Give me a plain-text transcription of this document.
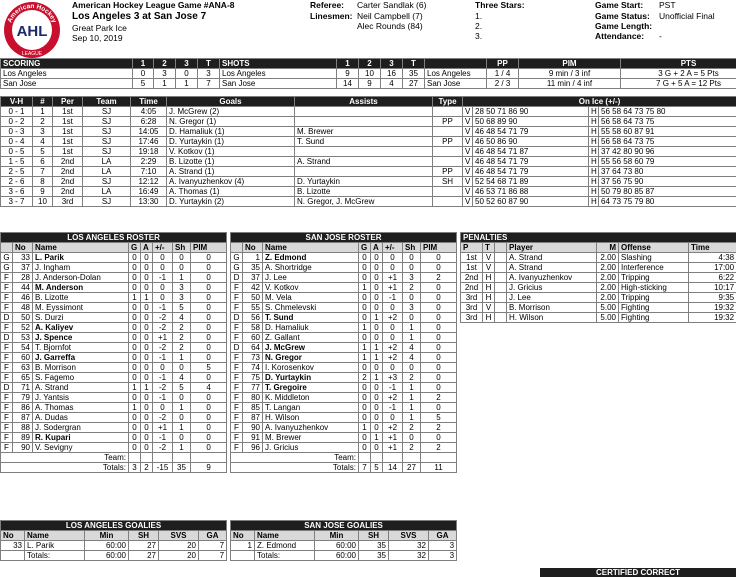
American Hockey
AHL
LEAGUE
American Hockey League Game #ANA-8
Los Angeles 3 at San Jose 7
Great Park Ice
Sep 10, 2019
Referee: Carter Sandlak (6)
Linesmen: Neil Campbell (7)
Alec Rounds (84)
Three Stars:
1.
2.
3.
Game Start: PST
Game Status: Unofficial Final
Game Length:
Attendance: -
SCORING	1	2	3	T	SHOTS	1	2	3	T		PP	PIM	PTS
Los Angeles	0	3	0	3	Los Angeles	9	10	16	35	Los Angeles	1 / 4	9 min / 3 inf	3 G + 2 A = 5 Pts
San Jose	5	1	1	7	San Jose	14	9	4	27	San Jose	2 / 3	11 min / 4 inf	7 G + 5 A = 12 Pts
V-H	#	Per	Team	Time	Goals	Assists	Type	On Ice (+/-)			
0 - 1	1	1st	SJ	4:05	J. McGrew (2)			V	28 50 71 86 90	H	56 58 64 73 75 80
0 - 2	2	1st	SJ	6:28	N. Gregor (1)		PP	V	50 68 89 90	H	56 58 64 73 75
0 - 3	3	1st	SJ	14:05	D. Hamaliuk (1)	M. Brewer		V	46 48 54 71 79	H	55 58 60 87 91
0 - 4	4	1st	SJ	17:46	D. Yurtaykin (1)	T. Sund	PP	V	46 50 86 90	H	56 58 64 73 75
0 - 5	5	1st	SJ	19:18	V. Kotkov (1)			V	46 48 54 71 87	H	37 42 80 90 96
1 - 5	6	2nd	LA	2:29	B. Lizotte (1)	A. Strand		V	46 48 54 71 79	H	55 56 58 60 79
2 - 5	7	2nd	LA	7:10	A. Strand (1)		PP	V	46 48 54 71 79	H	37 64 73 80
2 - 6	8	2nd	SJ	12:12	A. Ivanyuzhenkov (4)	D. Yurtaykin	SH	V	52 54 68 71 89	H	37 56 75 90
3 - 6	9	2nd	LA	16:49	A. Thomas (1)	B. Lizotte		V	46 53 71 86 88	H	50 79 80 85 87
3 - 7	10	3rd	SJ	13:30	D. Yurtaykin (2)	N. Gregor, J. McGrew		V	50 52 60 87 90	H	64 73 75 79 80
LOS ANGELES ROSTER							
	No	Name	G	A	+/-	Sh	PIM
G	33	L. Parik	0	0	0	0	0
G	37	J. Ingham	0	0	0	0	0
F	28	J. Anderson-Dolan	0	0	-1	1	0
F	44	M. Anderson	0	0	0	3	0
F	46	B. Lizotte	1	1	0	3	0
F	48	M. Eyssimont	0	0	-1	5	0
D	50	S. Durzi	0	0	-2	4	0
F	52	A. Kaliyev	0	0	-2	2	0
D	53	J. Spence	0	0	+1	2	0
F	54	T. Bjornfot	0	0	-2	2	0
F	60	J. Garreffa	0	0	-1	1	0
F	63	B. Morrison	0	0	0	0	5
F	65	S. Fagemo	0	0	-1	4	0
D	71	A. Strand	1	1	-2	5	4
F	79	J. Yantsis	0	0	-1	0	0
F	86	A. Thomas	1	0	0	1	0
F	87	A. Dudas	0	0	-2	0	0
F	88	J. Sodergran	0	0	+1	1	0
F	89	R. Kupari	0	0	-1	0	0
F	90	V. Sevigny	0	0	-2	1	0
Team:							
Totals:			3	2	-15	35	9
SAN JOSE ROSTER							
	No	Name	G	A	+/-	Sh	PIM
G	1	Z. Edmond	0	0	0	0	0
G	35	A. Shortridge	0	0	0	0	0
D	37	J. Lee	0	0	+1	3	2
F	42	V. Kotkov	1	0	+1	2	0
F	50	M. Vela	0	0	-1	0	0
F	55	S. Chmelevski	0	0	0	3	0
D	56	T. Sund	0	1	+2	0	0
F	58	D. Hamaliuk	1	0	0	1	0
F	60	Z. Gallant	0	0	0	1	0
D	64	J. McGrew	1	1	+2	4	0
F	73	N. Gregor	1	1	+2	4	0
F	74	I. Korosenkov	0	0	0	0	0
F	75	D. Yurtaykin	2	1	+3	2	0
F	77	T. Gregoire	0	0	-1	1	0
F	80	K. Middleton	0	0	+2	1	2
F	85	T. Langan	0	0	-1	1	0
F	87	H. Wilson	0	0	0	1	5
F	90	A. Ivanyuzhenkov	1	0	+2	2	2
F	91	M. Brewer	0	1	+1	0	0
F	96	J. Gricius	0	0	+1	2	2
Team:							
Totals:			7	5	14	27	11
PENALTIES						
P	T		Player	M	Offense	Time
1st	V		A. Strand	2.00	Slashing	4:38
1st	V		A. Strand	2.00	Interference	17:00
2nd	H		A. Ivanyuzhenkov	2.00	Tripping	6:22
2nd	H		J. Gricius	2.00	High-sticking	10:17
3rd	H		J. Lee	2.00	Tripping	9:35
3rd	V		B. Morrison	5.00	Fighting	19:32
3rd	H		H. Wilson	5.00	Fighting	19:32
LOS ANGELES GOALIES					
No	Name	Min	SH	SVS	GA
33	L. Parik	60:00	27	20	7
	Totals:	60:00	27	20	7
SAN JOSE GOALIES					
No	Name	Min	SH	SVS	GA
1	Z. Edmond	60:00	35	32	3
	Totals:	60:00	35	32	3
CERTIFIED CORRECT
